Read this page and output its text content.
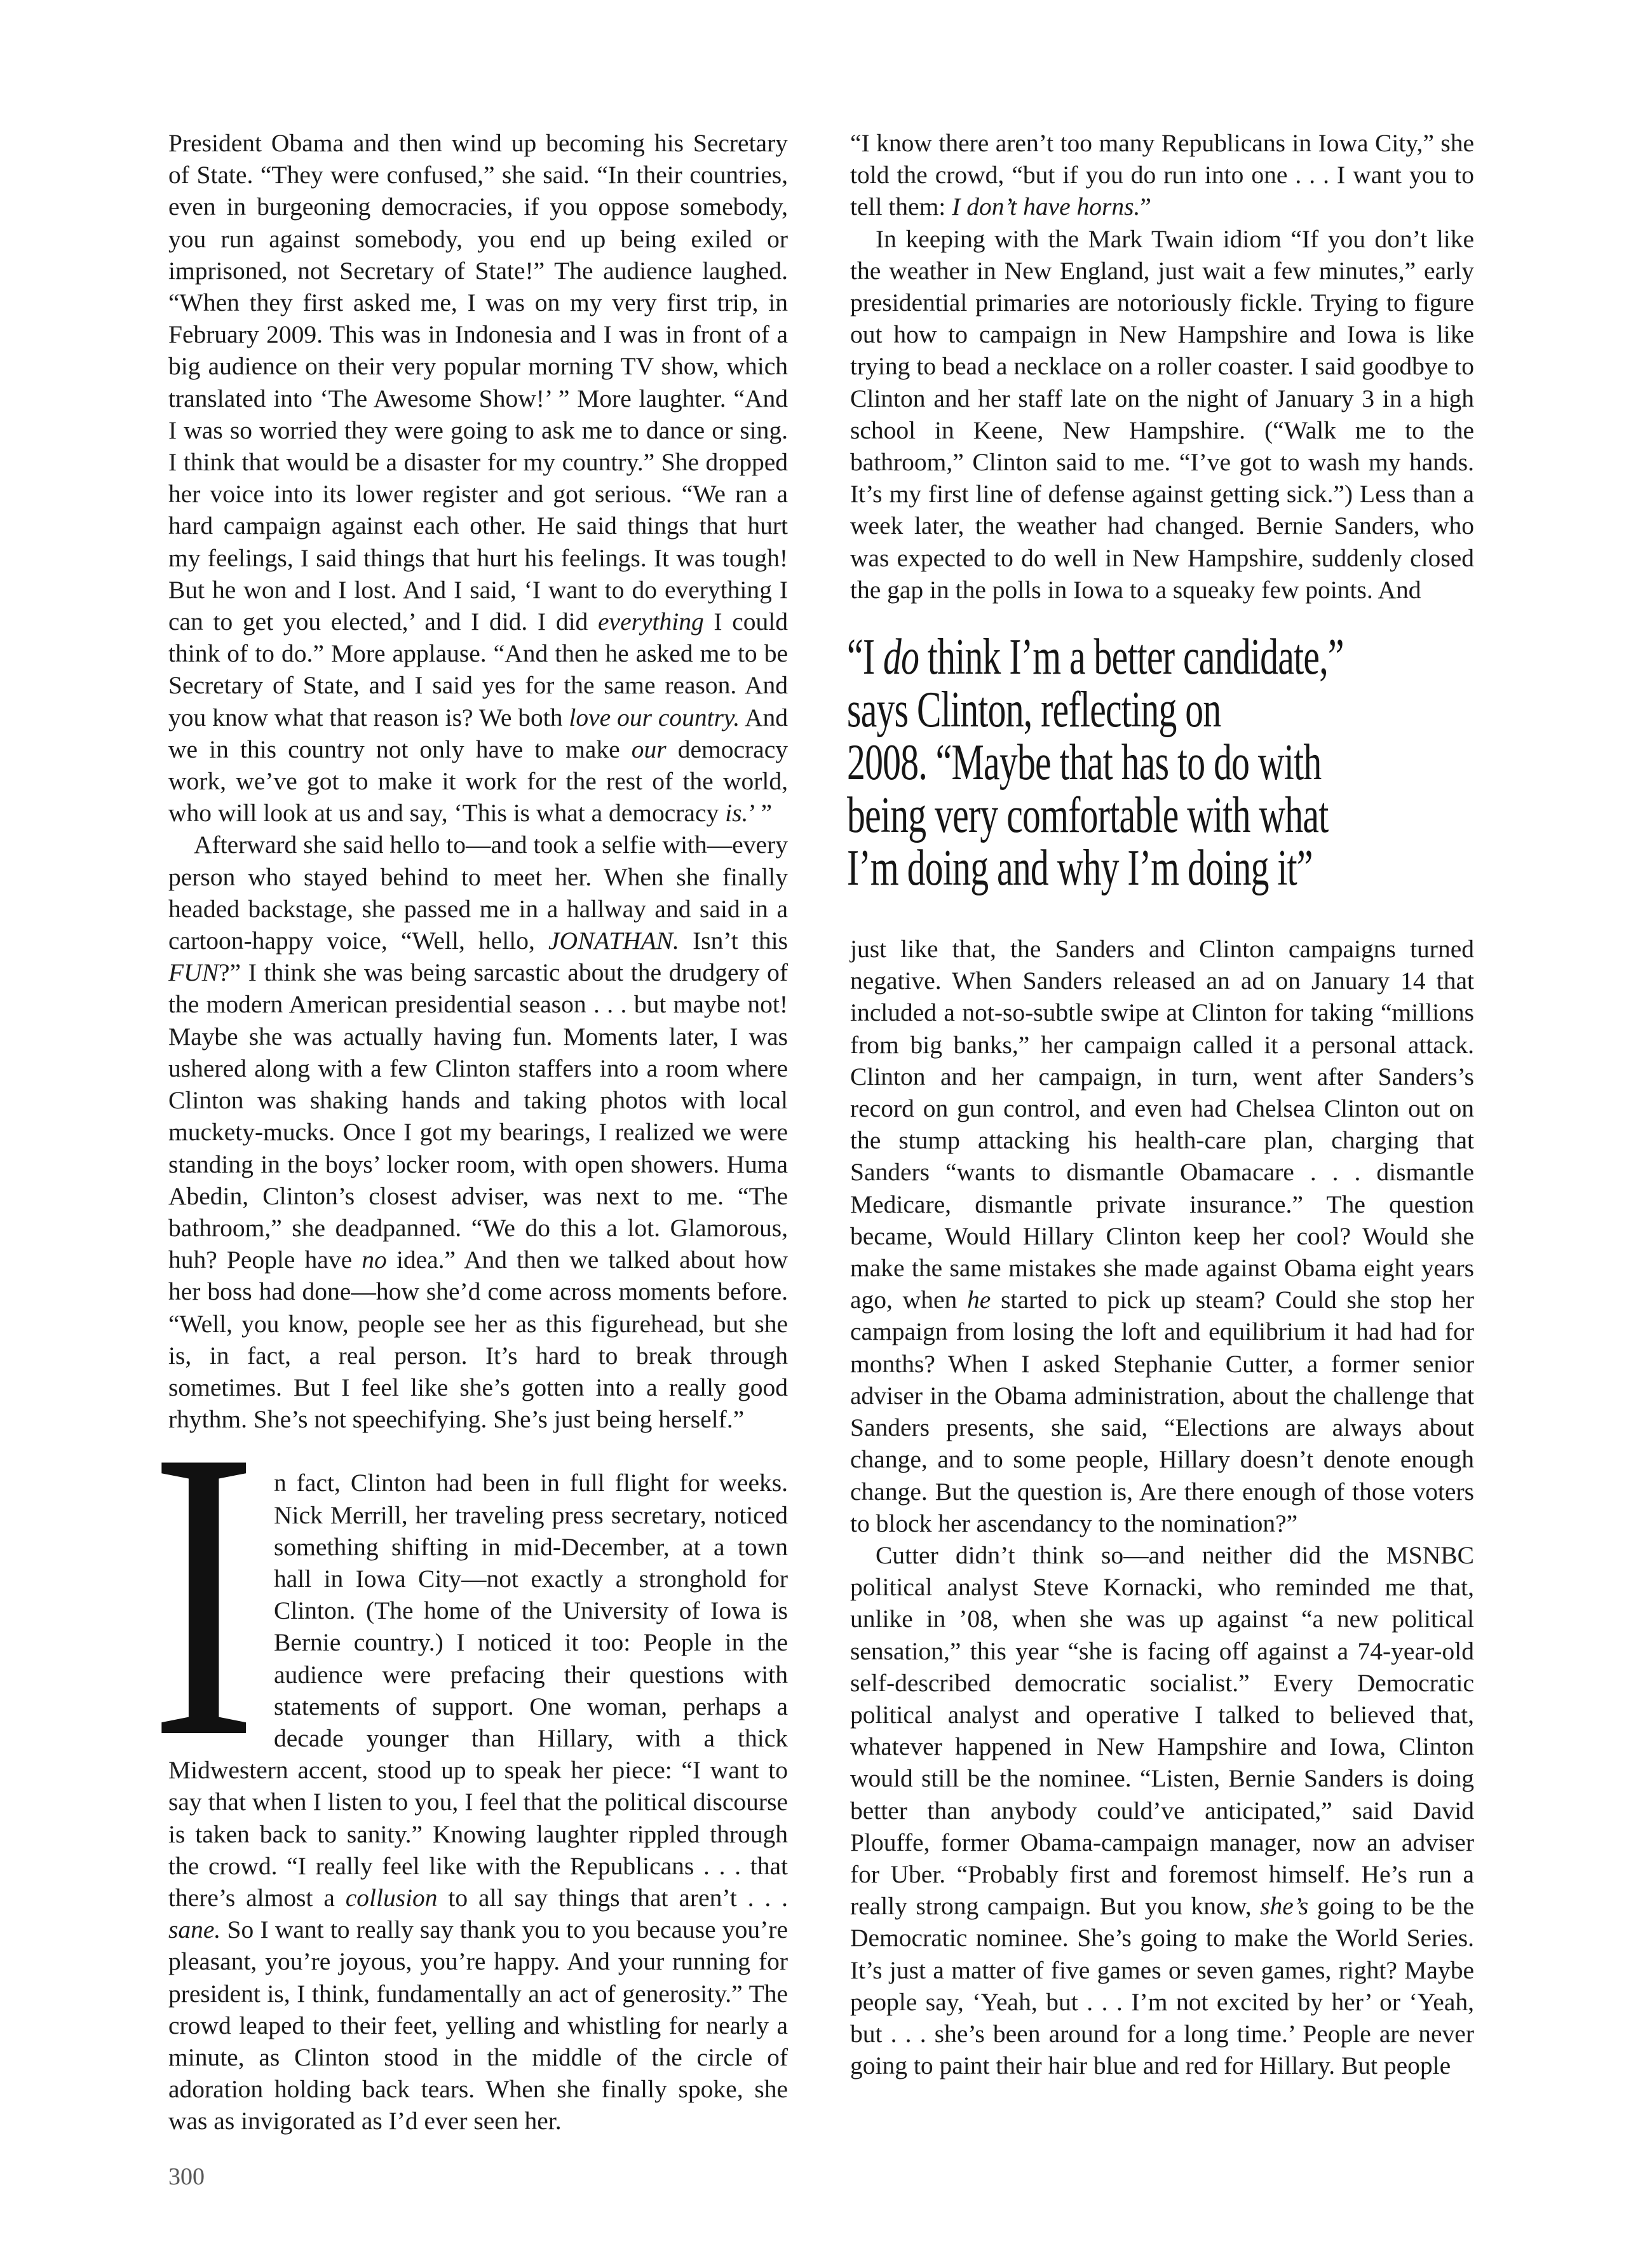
President Obama and then wind up becoming his Secretary of State. “They were confused,” she said. “In their countries, even in burgeoning democracies, if you oppose somebody, you run against somebody, you end up being exiled or imprisoned, not Secretary of State!” The audience laughed. “When they first asked me, I was on my very first trip, in February 2009. This was in Indonesia and I was in front of a big audience on their very popular morning TV show, which translated into ‘The Awesome Show!’ ” More laughter. “And I was so worried they were going to ask me to dance or sing. I think that would be a disaster for my country.” She dropped her voice into its lower register and got serious. “We ran a hard campaign against each other. He said things that hurt my feelings, I said things that hurt his feelings. It was tough! But he won and I lost. And I said, ‘I want to do everything I can to get you elected,’ and I did. I did everything I could think of to do.” More applause. “And then he asked me to be Secretary of State, and I said yes for the same reason. And you know what that reason is? We both love our country. And we in this country not only have to make our democracy work, we’ve got to make it work for the rest of the world, who will look at us and say, ‘This is what a democracy is.’ ”

Afterward she said hello to—and took a selfie with—every person who stayed behind to meet her. When she finally headed backstage, she passed me in a hallway and said in a cartoon-happy voice, “Well, hello, JONATHAN. Isn’t this FUN?” I think she was being sarcastic about the drudgery of the modern American presidential season . . . but maybe not! Maybe she was actually having fun. Moments later, I was ushered along with a few Clinton staffers into a room where Clinton was shaking hands and taking photos with local muckety-mucks. Once I got my bearings, I realized we were standing in the boys’ locker room, with open showers. Huma Abedin, Clinton’s closest adviser, was next to me. “The bathroom,” she deadpanned. “We do this a lot. Glamorous, huh? People have no idea.” And then we talked about how her boss had done—how she’d come across moments before. “Well, you know, people see her as this figurehead, but she is, in fact, a real person. It’s hard to break through sometimes. But I feel like she’s gotten into a really good rhythm. She’s not speechifying. She’s just being herself.”

I n fact, Clinton had been in full flight for weeks. Nick Merrill, her traveling press secretary, noticed something shifting in mid-December, at a town hall in Iowa City—not exactly a stronghold for Clinton. (The home of the University of Iowa is Bernie country.) I noticed it too: People in the audience were prefacing their questions with statements of support. One woman, perhaps a decade younger than Hillary, with a thick Midwestern accent, stood up to speak her piece: “I want to say that when I listen to you, I feel that the political discourse is taken back to sanity.” Knowing laughter rippled through the crowd. “I really feel like with the Republicans . . . that there’s almost a collusion to all say things that aren’t . . . sane. So I want to really say thank you to you because you’re pleasant, you’re joyous, you’re happy. And your running for president is, I think, fundamentally an act of generosity.” The crowd leaped to their feet, yelling and whistling for nearly a minute, as Clinton stood in the middle of the circle of adoration holding back tears. When she finally spoke, she was as invigorated as I’d ever seen her.

300

“I know there aren’t too many Republicans in Iowa City,” she told the crowd, “but if you do run into one . . . I want you to tell them: I don’t have horns.”

In keeping with the Mark Twain idiom “If you don’t like the weather in New England, just wait a few minutes,” early presidential primaries are notoriously fickle. Trying to figure out how to campaign in New Hampshire and Iowa is like trying to bead a necklace on a roller coaster. I said goodbye to Clinton and her staff late on the night of January 3 in a high school in Keene, New Hampshire. (“Walk me to the bathroom,” Clinton said to me. “I’ve got to wash my hands. It’s my first line of defense against getting sick.”) Less than a week later, the weather had changed. Bernie Sanders, who was expected to do well in New Hampshire, suddenly closed the gap in the polls in Iowa to a squeaky few points. And

“I do think I’m a better candidate,”
says Clinton, reflecting on
2008. “Maybe that has to do with
being very comfortable with what
I’m doing and why I’m doing it”

just like that, the Sanders and Clinton campaigns turned negative. When Sanders released an ad on January 14 that included a not-so-subtle swipe at Clinton for taking “millions from big banks,” her campaign called it a personal attack. Clinton and her campaign, in turn, went after Sanders’s record on gun control, and even had Chelsea Clinton out on the stump attacking his health-care plan, charging that Sanders “wants to dismantle Obamacare . . . dismantle Medicare, dismantle private insurance.” The question became, Would Hillary Clinton keep her cool? Would she make the same mistakes she made against Obama eight years ago, when he started to pick up steam? Could she stop her campaign from losing the loft and equilibrium it had had for months? When I asked Stephanie Cutter, a former senior adviser in the Obama administration, about the challenge that Sanders presents, she said, “Elections are always about change, and to some people, Hillary doesn’t denote enough change. But the question is, Are there enough of those voters to block her ascendancy to the nomination?”

Cutter didn’t think so—and neither did the MSNBC political analyst Steve Kornacki, who reminded me that, unlike in ’08, when she was up against “a new political sensation,” this year “she is facing off against a 74-year-old self-described democratic socialist.” Every Democratic political analyst and operative I talked to believed that, whatever happened in New Hampshire and Iowa, Clinton would still be the nominee. “Listen, Bernie Sanders is doing better than anybody could’ve anticipated,” said David Plouffe, former Obama-campaign manager, now an adviser for Uber. “Probably first and foremost himself. He’s run a really strong campaign. But you know, she’s going to be the Democratic nominee. She’s going to make the World Series. It’s just a matter of five games or seven games, right? Maybe people say, ‘Yeah, but . . . I’m not excited by her’ or ‘Yeah, but . . . she’s been around for a long time.’ People are never going to paint their hair blue and red for Hillary. But people
